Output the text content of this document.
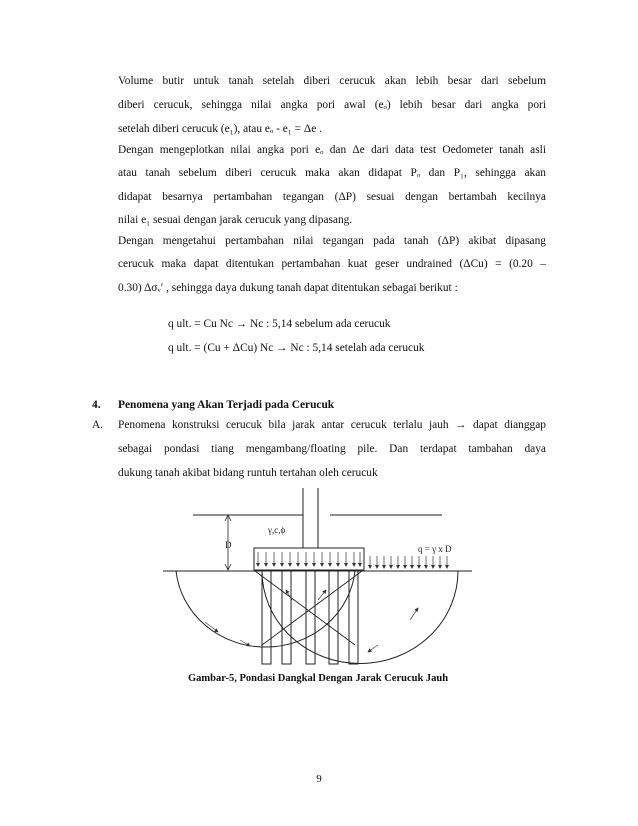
Volume butir untuk tanah setelah diberi cerucuk akan lebih besar dari sebelum
diberi cerucuk, sehingga nilai angka pori awal (eₒ) lebih besar dari angka pori
setelah diberi cerucuk (e₁), atau eₒ - e₁ = Δe .
Dengan mengeplotkan nilai angka pori eₒ dan Δe dari data test Oedometer tanah asli
atau tanah sebelum diberi cerucuk maka akan didapat Pₒ dan P₁, sehingga akan
didapat besarnya pertambahan tegangan (ΔP) sesuai dengan bertambah kecilnya
nilai e₁ sesuai dengan jarak cerucuk yang dipasang.
Dengan mengetahui pertambahan nilai tegangan pada tanah (ΔP) akibat dipasang
cerucuk maka dapat ditentukan pertambahan kuat geser undrained (ΔCu) = (0.20 –
0.30) Δσᵥ′ , sehingga daya dukung tanah dapat ditentukan sebagai berikut :
q ult. = Cu Nc → Nc : 5,14 sebelum ada cerucuk
q ult. = (Cu + ΔCu) Nc → Nc : 5,14 setelah ada cerucuk
4. Penomena yang Akan Terjadi pada Cerucuk
A. Penomena konstruksi cerucuk bila jarak antar cerucuk terlalu jauh → dapat dianggap
sebagai pondasi tiang mengambang/floating pile. Dan terdapat tambahan daya
dukung tanah akibat bidang runtuh tertahan oleh cerucuk
γ,c,ϕ
D	q = γ x D
Gambar-5, Pondasi Dangkal Dengan Jarak Cerucuk Jauh
9
